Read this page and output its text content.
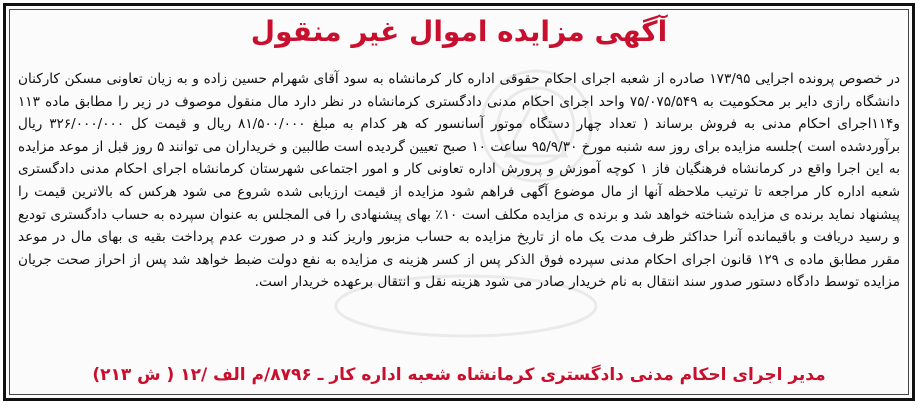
آگهی مزایده اموال غیر منقول
در خصوص پرونده اجرایی ۱۷۳/۹۵ صادره از شعبه اجرای احکام حقوقی اداره کار کرمانشاه به سود آقای شهرام حسین زاده و به زیان تعاونی مسکن کارکنان دانشگاه رازی دایر بر محکومیت به ۷۵/۰۷۵/۵۴۹ واحد اجرای احکام مدنی دادگستری کرمانشاه در نظر دارد مال منقول موصوف در زیر را مطابق ماده ۱۱۳ و۱۱۴اجرای احکام مدنی به فروش برساند ( تعداد چهار دستگاه موتور آسانسور که هر کدام به مبلغ ۸۱/۵۰۰/۰۰۰ ریال و قیمت کل ۳۲۶/۰۰۰/۰۰۰ ریال برآوردشده است )جلسه مزایده برای روز سه شنبه مورخ ۹۵/۹/۳۰ ساعت ۱۰ صبح تعیین گردیده است طالبین و خریداران می توانند ۵ روز قبل از موعد مزایده به این اجرا واقع در کرمانشاه فرهنگیان فاز ۱ کوچه آموزش و پرورش اداره تعاونی کار و امور اجتماعی شهرستان کرمانشاه اجرای احکام مدنی دادگستری شعبه اداره کار مراجعه تا ترتیب ملاحظه آنها از مال موضوع آگهی فراهم شود مزایده از قیمت ارزیابی شده شروع می شود هرکس که بالاترین قیمت را پیشنهاد نماید برنده ی مزایده شناخته خواهد شد و برنده ی مزایده مکلف است ۱۰٪ بهای پیشنهادی را فی المجلس به عنوان سپرده به حساب دادگستری تودیع و رسید دریافت و باقیمانده آنرا حداکثر ظرف مدت یک ماه از تاریخ مزایده به حساب مزبور واریز کند و در صورت عدم پرداخت بقیه ی بهای مال در موعد مقرر مطابق ماده ی ۱۲۹ قانون اجرای احکام مدنی سپرده فوق الذکر پس از کسر هزینه ی مزایده به نفع دولت ضبط خواهد شد پس از احراز صحت جریان مزایده توسط دادگاه دستور صدور سند انتقال به نام خریدار صادر می شود هزینه نقل و انتقال برعهده خریدار است.
مدیر اجرای احکام مدنی دادگستری کرمانشاه شعبه اداره کار ـ ۸۷۹۶/م الف /۱۲ ( ش ۲۱۳)
